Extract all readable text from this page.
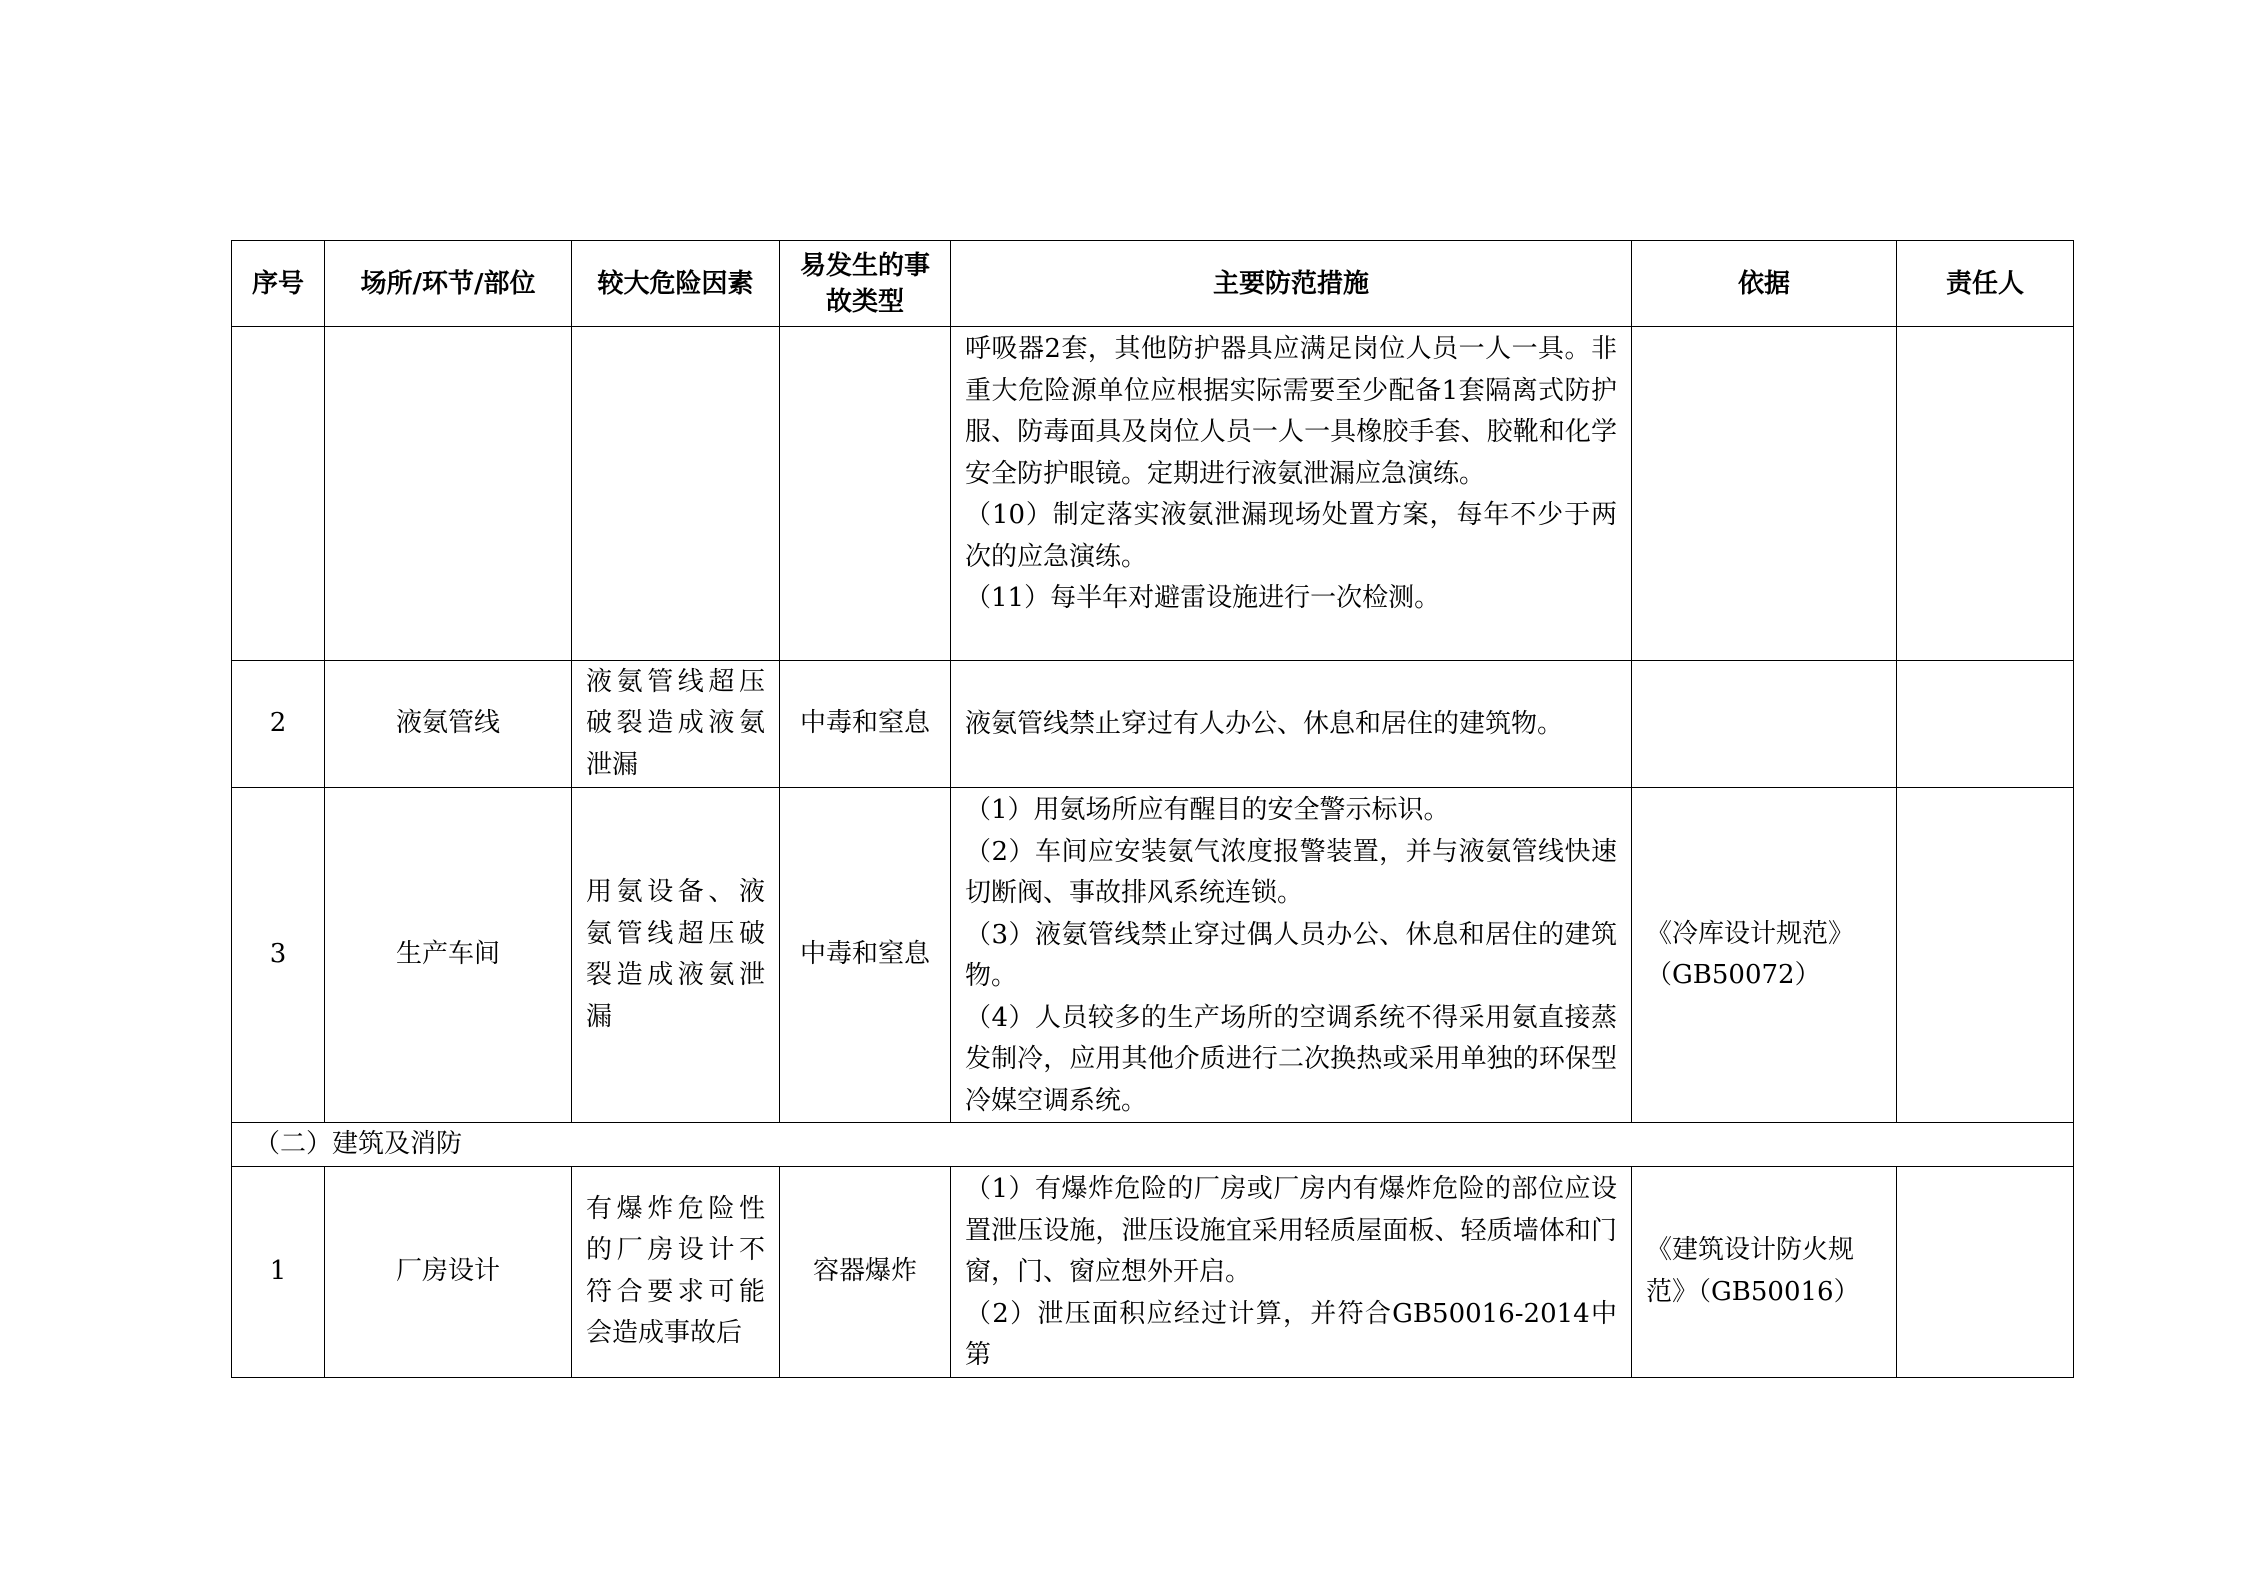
序号	场所/环节/部位	较大危险因素	易发生的事故类型	主要防范措施	依据	责任人

				呼吸器2套，其他防护器具应满足岗位人员一人一具。非重大危险源单位应根据实际需要至少配备1套隔离式防护服、防毒面具及岗位人员一人一具橡胶手套、胶靴和化学安全防护眼镜。定期进行液氨泄漏应急演练。
（10）制定落实液氨泄漏现场处置方案，每年不少于两次的应急演练。
（11）每半年对避雷设施进行一次检测。		

2	液氨管线	液氨管线超压破裂造成液氨泄漏	中毒和窒息	液氨管线禁止穿过有人办公、休息和居住的建筑物。		

3	生产车间	用氨设备、液氨管线超压破裂造成液氨泄漏	中毒和窒息	（1）用氨场所应有醒目的安全警示标识。
（2）车间应安装氨气浓度报警装置，并与液氨管线快速切断阀、事故排风系统连锁。
（3）液氨管线禁止穿过偶人员办公、休息和居住的建筑物。
（4）人员较多的生产场所的空调系统不得采用氨直接蒸发制冷，应用其他介质进行二次换热或采用单独的环保型冷媒空调系统。	《冷库设计规范》（GB50072）	
（二）建筑及消防						
1	厂房设计	有爆炸危险性的厂房设计不符合要求可能会造成事故后	容器爆炸	（1）有爆炸危险的厂房或厂房内有爆炸危险的部位应设置泄压设施，泄压设施宜采用轻质屋面板、轻质墙体和门窗，门、窗应想外开启。
（2）泄压面积应经过计算，并符合GB50016-2014中第	《建筑设计防火规范》（GB50016）	
